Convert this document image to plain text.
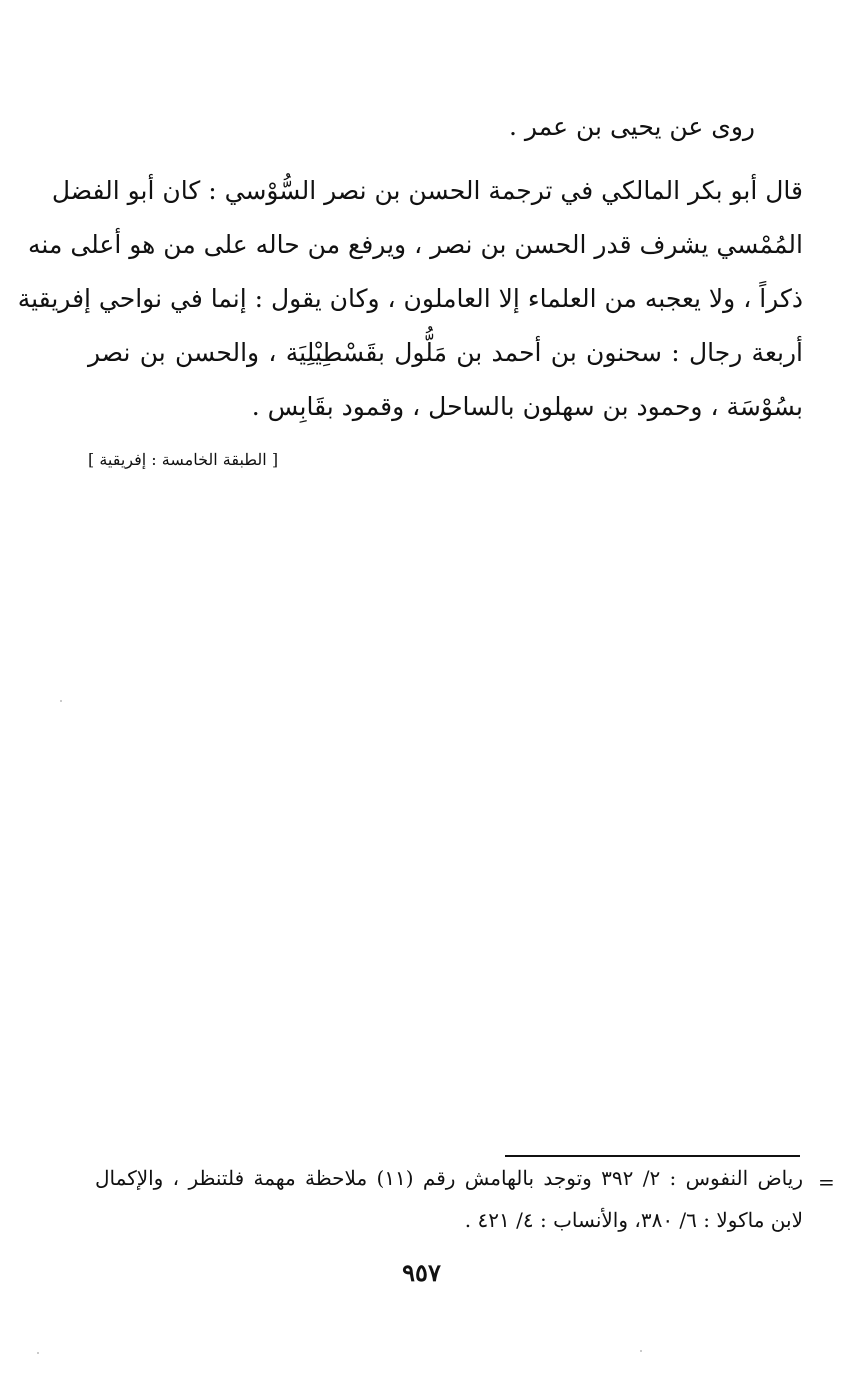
روى عن يحيى بن عمر .
قال أبو بكر المالكي في ترجمة الحسن بن نصر السُّوْسي : كان أبو الفضل
المُمْسي يشرف قدر الحسن بن نصر ، ويرفع من حاله على من هو أعلى منه
ذكراً ، ولا يعجبه من العلماء إلا العاملون ، وكان يقول : إنما في نواحي إفريقية
أربعة رجال : سحنون بن أحمد بن مَلُّول بقَسْطِيْلِيَة ، والحسن بن نصر
بسُوْسَة ، وحمود بن سهلون بالساحل ، وقمود بقَابِس .
[ الطبقة الخامسة : إفريقية ]
=
رياض النفوس : ٢/ ٣٩٢ وتوجد بالهامش رقم (١١) ملاحظة مهمة فلتنظر ، والإكمال
لابن ماكولا : ٦/ ٣٨٠، والأنساب : ٤/ ٤٢١ .
٩٥٧
